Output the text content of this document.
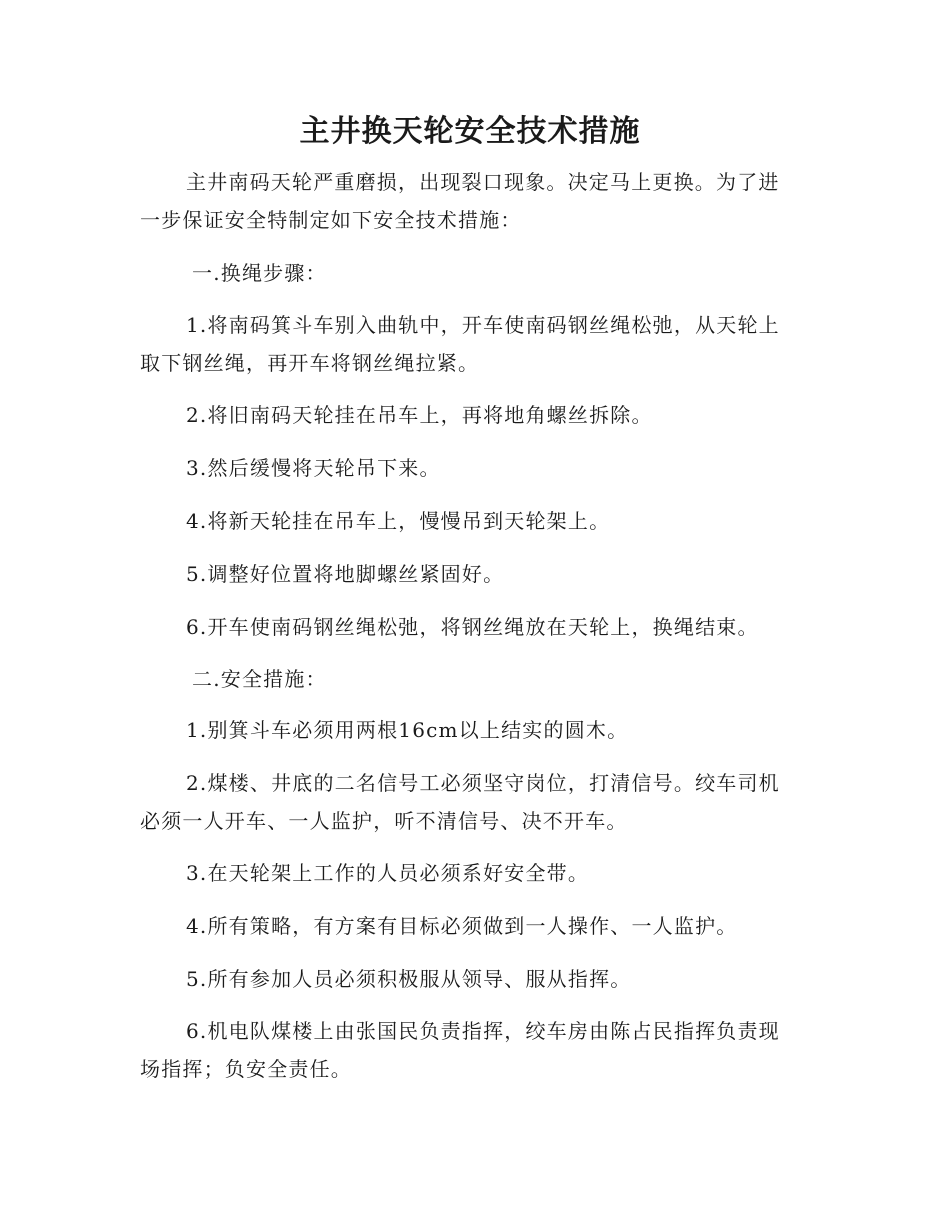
主井换天轮安全技术措施

主井南码天轮严重磨损，出现裂口现象。决定马上更换。为了进一步保证安全特制定如下安全技术措施：

一.换绳步骤：

1.将南码箕斗车别入曲轨中，开车使南码钢丝绳松弛，从天轮上取下钢丝绳，再开车将钢丝绳拉紧。

2.将旧南码天轮挂在吊车上，再将地角螺丝拆除。

3.然后缓慢将天轮吊下来。

4.将新天轮挂在吊车上，慢慢吊到天轮架上。

5.调整好位置将地脚螺丝紧固好。

6.开车使南码钢丝绳松弛，将钢丝绳放在天轮上，换绳结束。

二.安全措施：

1.别箕斗车必须用两根16cm以上结实的圆木。

2.煤楼、井底的二名信号工必须坚守岗位，打清信号。绞车司机必须一人开车、一人监护，听不清信号、决不开车。

3.在天轮架上工作的人员必须系好安全带。

4.所有策略，有方案有目标必须做到一人操作、一人监护。

5.所有参加人员必须积极服从领导、服从指挥。

6.机电队煤楼上由张国民负责指挥，绞车房由陈占民指挥负责现场指挥；负安全责任。
